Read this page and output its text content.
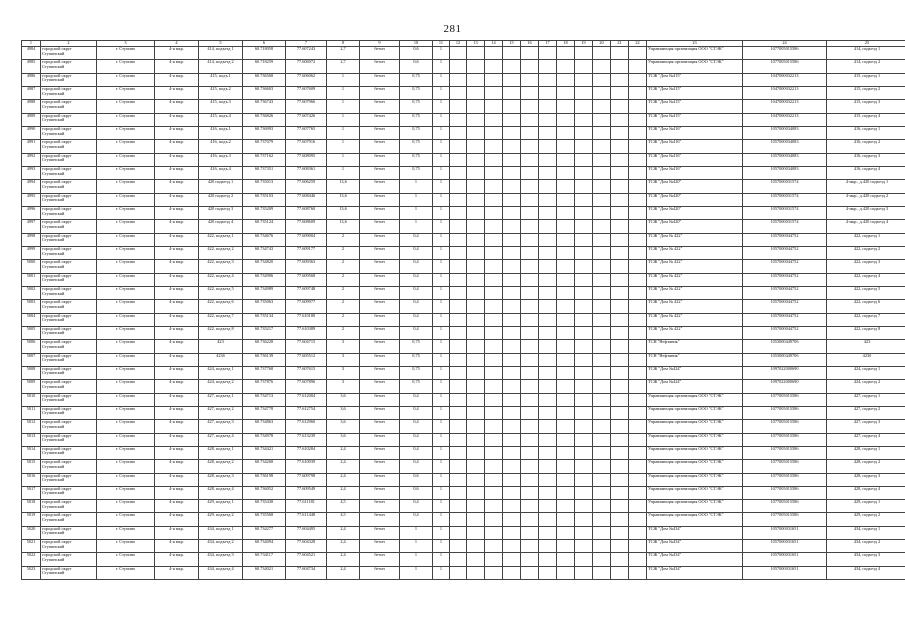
281
1	2	3	4	5	6	7	8	9	10	11	12	13	14	15	16	17	18	19	20	21	22	23	24	25
4984	городской округ Ступинский	г. Ступино	4-я мкр.	414, подъезд 1	60.718058	77.607243	2,7	бетон	0,6	1												Управляющая организация ООО "СТЭК"	1077005015586	414, подъезд 1
4985	городской округ Ступинский	г. Ступино	4-я мкр.	414, подъезд 2	60.718259	77.606972	2,7	бетон	0,6	1												Управляющая организация ООО "СТЭК"	1077005015586	414, подъезд 2
4986	городской округ Ступинский	г. Ступино	4-я мкр.	415, подъ.1	60.736568	77.606062	1	бетон	0,75	1												ТСЖ "Дом №415"	1047000032213	415, подъезд 1
4987	городской округ Ступинский	г. Ступино	4-я мкр.	415, подъ.2	60.736603	77.607609	1	бетон	0,75	1												ТСЖ "Дом №415"	1047000032213	415, подъезд 2
4988	городской округ Ступинский	г. Ступино	4-я мкр.	415, подъ.3	60.736743	77.607966	1	бетон	0,75	1												ТСЖ "Дом №415"	1047000032213	415, подъезд 3
4989	городской округ Ступинский	г. Ступино	4-я мкр.	415, подъ.4	60.736826	77.607426	1	бетон	0,75	1												ТСЖ "Дом №415"	1047000032213	415, подъезд 4
4990	городской округ Ступинский	г. Ступино	4-я мкр.	416, подъ.1	60.736993	77.607765	1	бетон	0,75	1												ТСЖ "Дом №416"	1057000034083	416, подъезд 1
4991	городской округ Ступинский	г. Ступино	4-я мкр.	416, подъ.2	60.737079	77.607916	1	бетон	0,75	1												ТСЖ "Дом №416"	1057000034083	416, подъезд 2
4992	городской округ Ступинский	г. Ступино	4-я мкр.	416, подъ.3	60.737162	77.608095	1	бетон	0,75	1												ТСЖ "Дом №416"	1057000034083	416, подъезд 3
4993	городской округ Ступинский	г. Ступино	4-я мкр.	416, подъ.4	60.737351	77.608361	1	бетон	0,75	1												ТСЖ "Дом №416"	1057000034083	416, подъезд 4
4994	городской округ Ступинский	г. Ступино	4-я мкр.	420 подъезд 1	60.735013	77.606259	13,6	бетон	1	1												ТСЖ "Дом №420"	1057000031574	4-мкр., д.420 подъезд 1
4995	городской округ Ступинский	г. Ступино	4-я мкр.	420 подъезд 2	60.735103	77.608446	13,6	бетон	1	1												ТСЖ "Дом №420"	1057000031574	4-мкр., д.420 подъезд 2
4996	городской округ Ступинский	г. Ступино	4-я мкр.	420 подъезд 3	60.735209	77.608760	13,6	бетон	1	1												ТСЖ "Дом №420"	1057000031574	4-мкр., д.420 подъезд 3
4997	городской округ Ступинский	г. Ступино	4-я мкр.	420 подъезд 4	60.735124	77.608609	13,6	бетон	1	1												ТСЖ "Дом №420"	1057000031574	4-мкр., д.420 подъезд 4
4998	городской округ Ступинский	г. Ступино	4-я мкр.	422, подъезд 1	60.734676	77.609004	2	бетон	0,4	1												ТСЖ "Дом № 422"	1057000044752	422, подъезд 1
4999	городской округ Ступинский	г. Ступино	4-я мкр.	422, подъезд 2	60.734743	77.609177	2	бетон	0,4	1												ТСЖ "Дом № 422"	1057000044752	422, подъезд 2
5000	городской округ Ступинский	г. Ступино	4-я мкр.	422, подъезд 3	60.734820	77.609363	2	бетон	0,4	1												ТСЖ "Дом № 422"	1057000044752	422, подъезд 3
5001	городской округ Ступинский	г. Ступино	4-я мкр.	422, подъезд 4	60.734906	77.609568	2	бетон	0,4	1												ТСЖ "Дом № 422"	1057000044752	422, подъезд 4
5002	городской округ Ступинский	г. Ступино	4-я мкр.	422, подъезд 5	60.734989	77.609748	2	бетон	0,4	1												ТСЖ "Дом № 422"	1057000044752	422, подъезд 5
5003	городской округ Ступинский	г. Ступино	4-я мкр.	422, подъезд 6	60.735063	77.609977	2	бетон	0,4	1												ТСЖ "Дом № 422"	1057000044752	422, подъезд 6
5004	городской округ Ступинский	г. Ступино	4-я мкр.	422, подъезд 7	60.735134	77.610180	2	бетон	0,4	1												ТСЖ "Дом № 422"	1057000044752	422, подъезд 7
5005	городской округ Ступинский	г. Ступино	4-я мкр.	422, подъезд 8	60.735217	77.610389	2	бетон	0,4	1												ТСЖ "Дом № 422"	1057000044752	422, подъезд 8
5006	городской округ Ступинский	г. Ступино	4-я мкр.	423	60.736228	77.604715	3	бетон	0,75	1												ТСН "Нефтяник"	1053000449706	423
5007	городской округ Ступинский	г. Ступино	4-я мкр.	423б	60.736139	77.605512	3	бетон	0,75	1												ТСН "Нефтяник"	1053000449706	423б
5008	городской округ Ступинский	г. Ступино	4-я мкр.	424, подъезд 1	60.737768	77.607615	3	бетон	0,75	1												ТСЖ "Дом №424"	1097022000690	424, подъезд 1
5009	городской округ Ступинский	г. Ступино	4-я мкр.	424, подъезд 2	60.737876	77.607896	3	бетон	0,75	1												ТСЖ "Дом №424"	1097022000690	424, подъезд 2
5010	городской округ Ступинский	г. Ступино	4-я мкр.	427, подъезд 1	60.734713	77.612004	3,6	бетон	0,4	1												Управляющая организация ООО "СТЭК"	1077005015586	427, подъезд 1
5011	городской округ Ступинский	г. Ступино	4-я мкр.	427, подъезд 2	60.734778	77.612754	3,6	бетон	0,4	1												Управляющая организация ООО "СТЭК"	1077005015586	427, подъезд 2
5012	городской округ Ступинский	г. Ступино	4-я мкр.	427, подъезд 3	60.734863	77.612960	3,6	бетон	0,4	1												Управляющая организация ООО "СТЭК"	1077005015586	427, подъезд 3
5013	городской округ Ступинский	г. Ступино	4-я мкр.	427, подъезд 4	60.734978	77.613239	3,6	бетон	0,4	1												Управляющая организация ООО "СТЭК"	1077005015586	427, подъезд 4
5014	городской округ Ступинский	г. Ступино	4-я мкр.	428, подъезд 1	60.734421	77.610284	2,4	бетон	0,4	1												Управляющая организация ООО "СТЭК"	1077005015586	428, подъезд 1
5015	городской округ Ступинский	г. Ступино	4-я мкр.	428, подъезд 2	60.734268	77.610039	2,4	бетон	0,4	1												Управляющая организация ООО "СТЭК"	1077005015586	428, подъезд 2
5016	городской округ Ступинский	г. Ступино	4-я мкр.	428, подъезд 3	60.736198	77.609798	2,4	бетон	0,6	1												Управляющая организация ООО "СТЭК"	1077005015586	428, подъезд 3
5017	городской округ Ступинский	г. Ступино	4-я мкр.	428, подъезд 4	60.736052	77.609549	2,4	бетон	0,6	1												Управляющая организация ООО "СТЭК"	1077005015586	428, подъезд 4
5018	городской округ Ступинский	г. Ступино	4-я мкр.	429, подъезд 1	60.735438	77.611181	4,5	бетон	0,4	1												Управляющая организация ООО "СТЭК"	1077005015586	429, подъезд 1
5019	городской округ Ступинский	г. Ступино	4-я мкр.	429, подъезд 2	60.735568	77.611448	4,5	бетон	0,4	1												Управляющая организация ООО "СТЭК"	1077005015586	429, подъезд 2
5020	городской округ Ступинский	г. Ступино	4-я мкр.	434, подъезд 1	60.734277	77.604495	2,4	бетон	1	1												ТСЖ "Дом №434"	1057000031651	434, подъезд 1
5021	городской округ Ступинский	г. Ступино	4-я мкр.	434, подъезд 2	60.734094	77.604328	2,4	бетон	1	1												ТСЖ "Дом №434"	1057000031651	434, подъезд 2
5022	городской округ Ступинский	г. Ступино	4-я мкр.	434, подъезд 3	60.734117	77.604521	2,4	бетон	1	1												ТСЖ "Дом №434"	1057000031651	434, подъезд 3
5023	городской округ Ступинский	г. Ступино	4-я мкр.	434, подъезд 4	60.734021	77.604734	2,4	бетон	1	1												ТСЖ "Дом №434"	1057000031651	434, подъезд 4
